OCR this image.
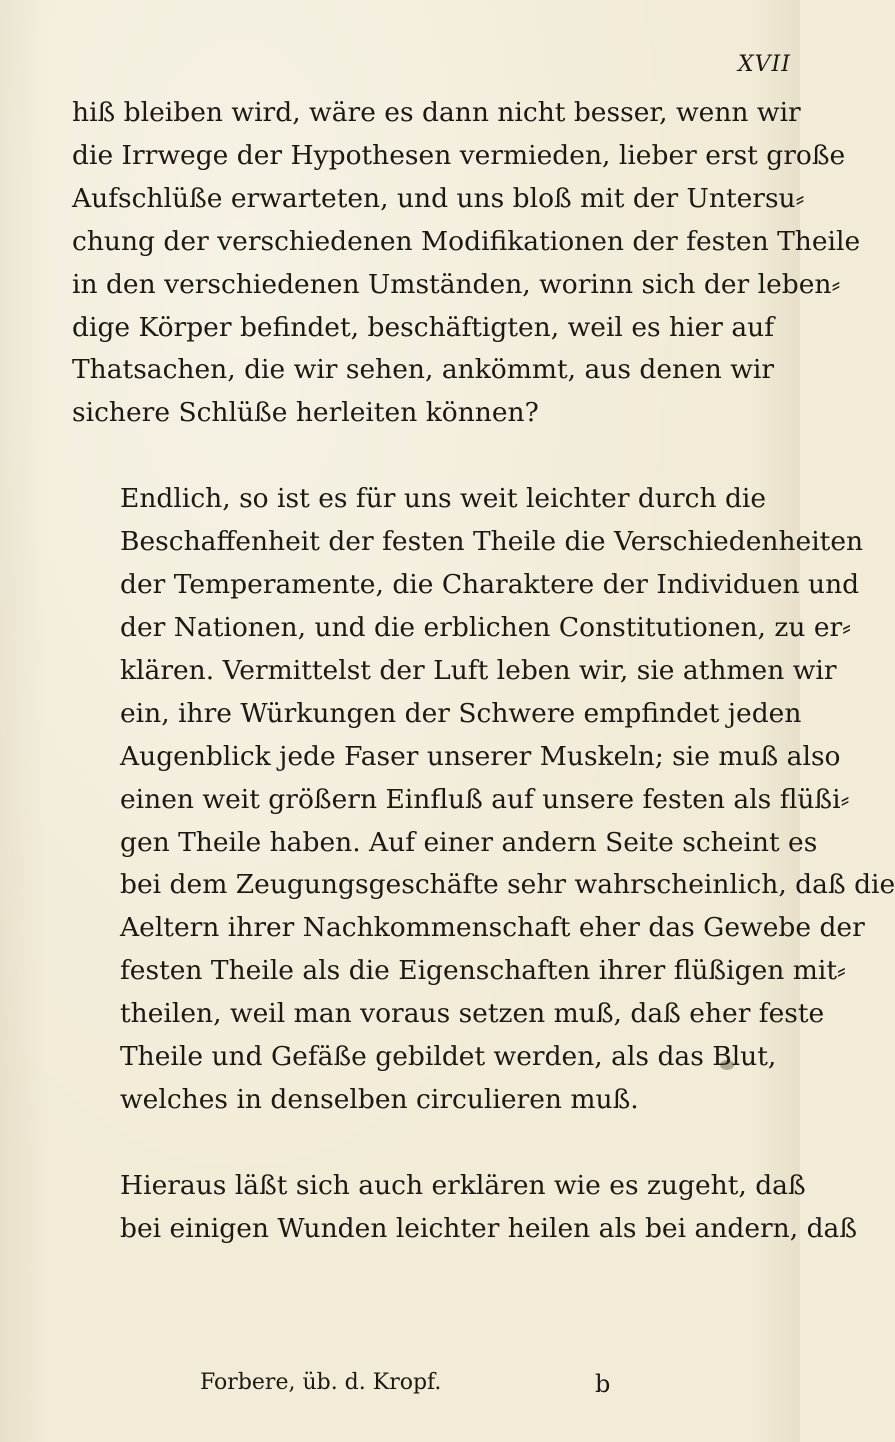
XVII

hiß bleiben wird, wäre es dann nicht besser, wenn wir
die Irrwege der Hypothesen vermieden, lieber erst große
Aufschlüße erwarteten, und uns bloß mit der Untersu⸗
chung der verschiedenen Modifikationen der festen Theile
in den verschiedenen Umständen, worinn sich der leben⸗
dige Körper befindet, beschäftigten, weil es hier auf
Thatsachen, die wir sehen, ankömmt, aus denen wir
sichere Schlüße herleiten können?

Endlich, so ist es für uns weit leichter durch die
Beschaffenheit der festen Theile die Verschiedenheiten
der Temperamente, die Charaktere der Individuen und
der Nationen, und die erblichen Constitutionen, zu er⸗
klären. Vermittelst der Luft leben wir, sie athmen wir
ein, ihre Würkungen der Schwere empfindet jeden
Augenblick jede Faser unserer Muskeln; sie muß also
einen weit größern Einfluß auf unsere festen als flüßi⸗
gen Theile haben. Auf einer andern Seite scheint es
bei dem Zeugungsgeschäfte sehr wahrscheinlich, daß die
Aeltern ihrer Nachkommenschaft eher das Gewebe der
festen Theile als die Eigenschaften ihrer flüßigen mit⸗
theilen, weil man voraus setzen muß, daß eher feste
Theile und Gefäße gebildet werden, als das Blut,
welches in denselben circulieren muß.

Hieraus läßt sich auch erklären wie es zugeht, daß
bei einigen Wunden leichter heilen als bei andern, daß

Forbere, üb. d. Kropf.	b
